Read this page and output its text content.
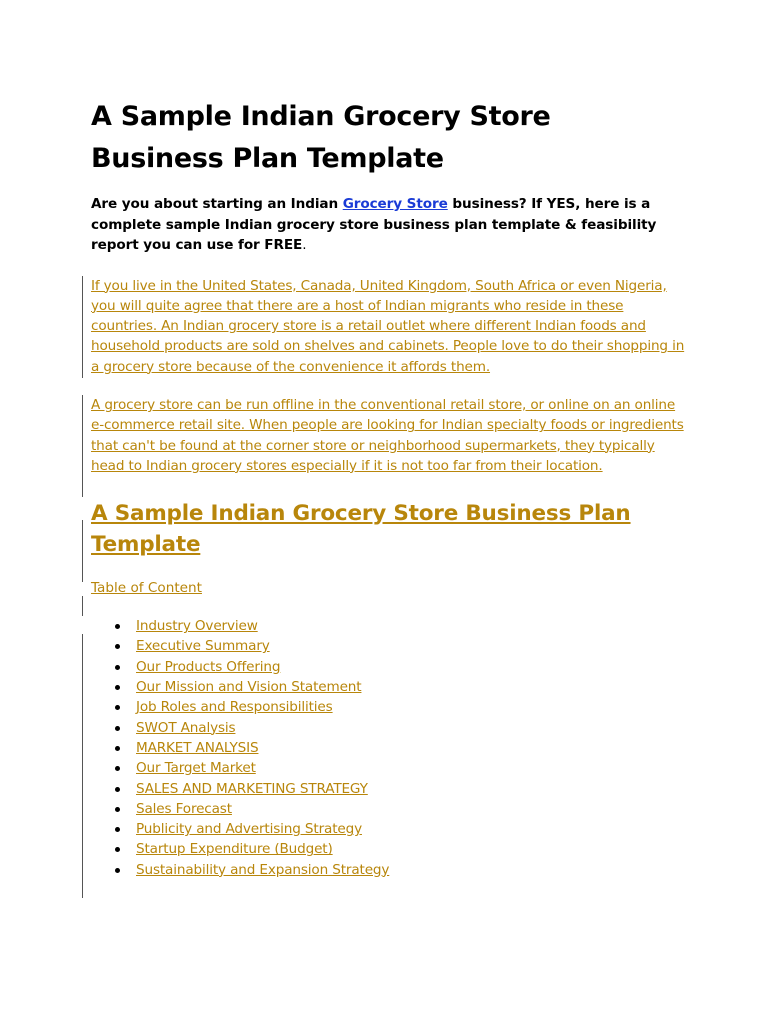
A Sample Indian Grocery Store
Business Plan Template

Are you about starting an Indian Grocery Store business? If YES, here is a complete sample Indian grocery store business plan template & feasibility report you can use for FREE.

If you live in the United States, Canada, United Kingdom, South Africa or even Nigeria, you will quite agree that there are a host of Indian migrants who reside in these countries. An Indian grocery store is a retail outlet where different Indian foods and household products are sold on shelves and cabinets. People love to do their shopping in a grocery store because of the convenience it affords them.

A grocery store can be run offline in the conventional retail store, or online on an online e-commerce retail site. When people are looking for Indian specialty foods or ingredients that can't be found at the corner store or neighborhood supermarkets, they typically head to Indian grocery stores especially if it is not too far from their location.

A Sample Indian Grocery Store Business Plan Template
Table of Content
Industry Overview
Executive Summary
Our Products Offering
Our Mission and Vision Statement
Job Roles and Responsibilities
SWOT Analysis
MARKET ANALYSIS
Our Target Market
SALES AND MARKETING STRATEGY
Sales Forecast
Publicity and Advertising Strategy
Startup Expenditure (Budget)
Sustainability and Expansion Strategy
